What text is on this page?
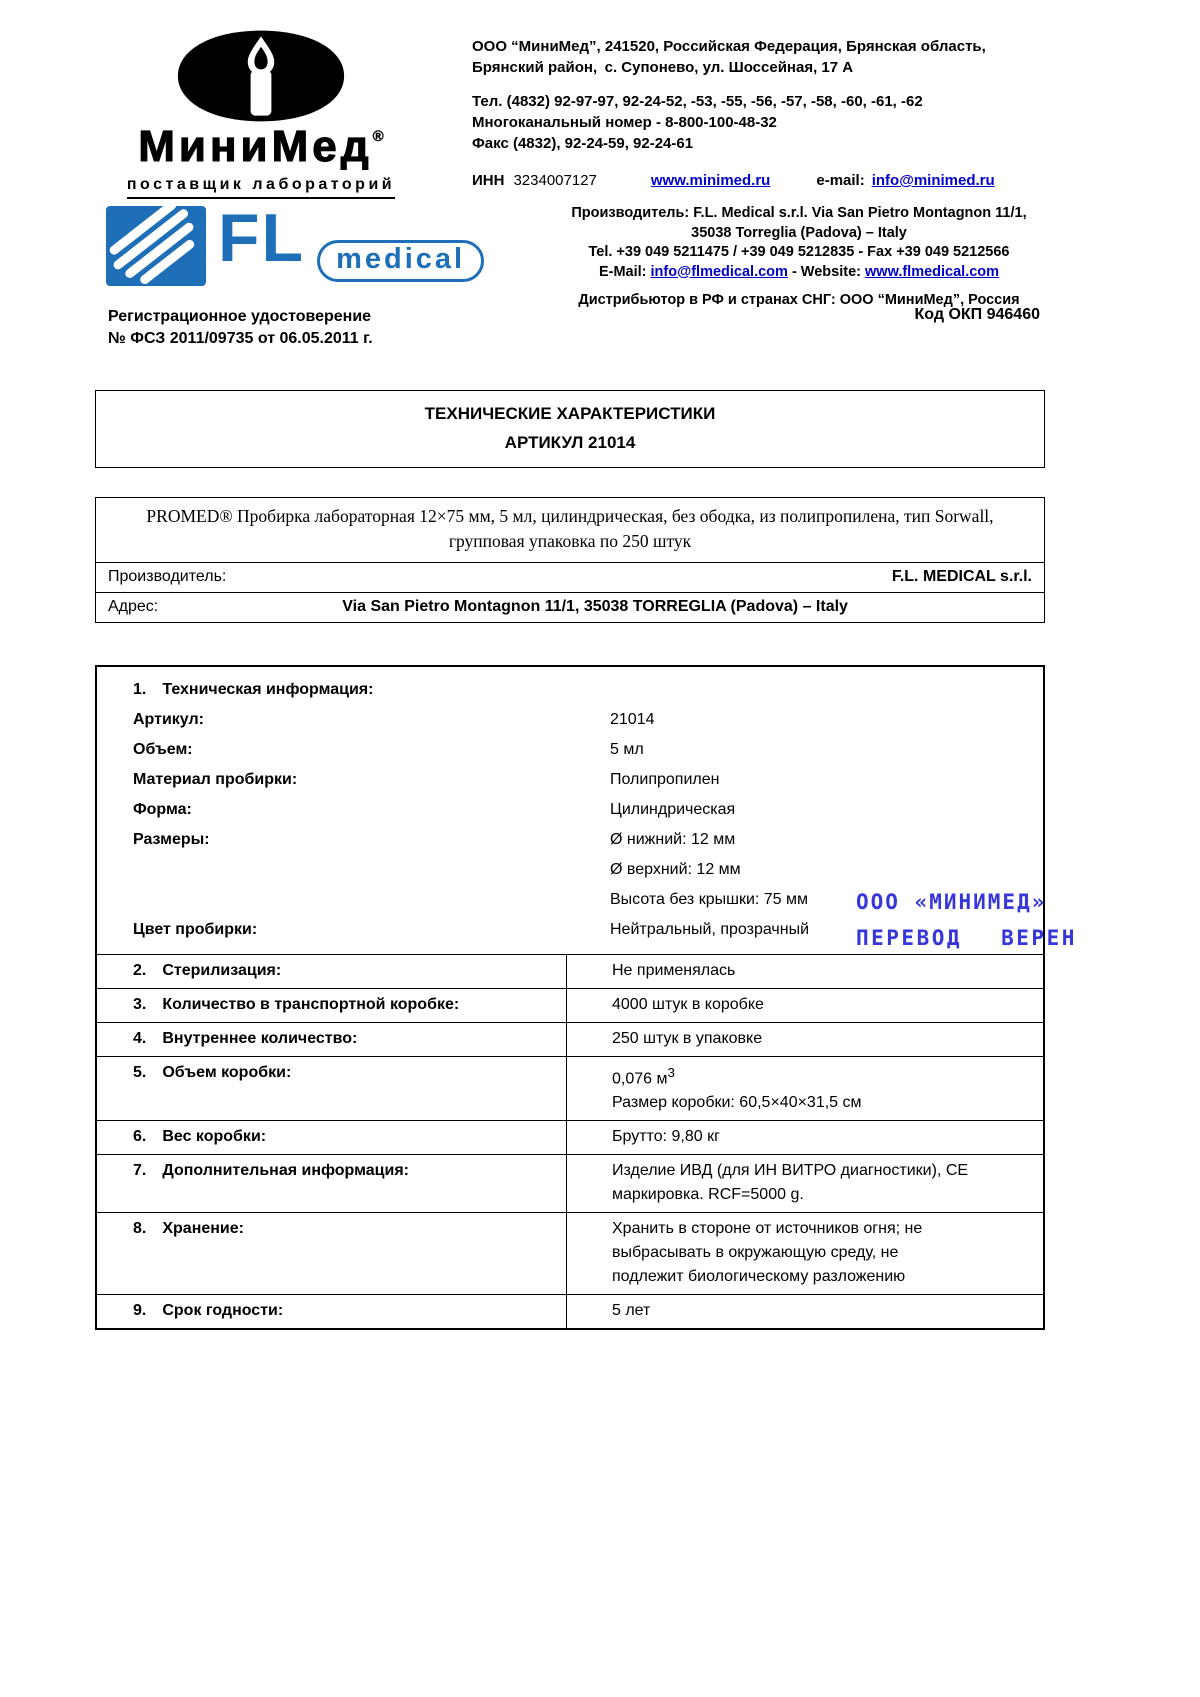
МиниМед®
поставщик лабораторий
ООО “МиниМед”, 241520, Российская Федерация, Брянская область,
Брянский район, с. Супонево, ул. Шоссейная, 17 А
Тел. (4832) 92-97-97, 92-24-52, -53, -55, -56, -57, -58, -60, -61, -62
Многоканальный номер - 8-800-100-48-32
Факс (4832), 92-24-59, 92-24-61
ИНН 3234007127	www.minimed.ru	e-mail: info@minimed.ru
FL	medical
Производитель: F.L. Medical s.r.l. Via San Pietro Montagnon 11/1,
35038 Torreglia (Padova) – Italy
Tel. +39 049 5211475 / +39 049 5212835 - Fax +39 049 5212566
E-Mail: info@flmedical.com - Website: www.flmedical.com
Дистрибьютор в РФ и странах СНГ: ООО “МиниМед”, Россия
Регистрационное удостоверение
№ ФСЗ 2011/09735 от 06.05.2011 г.
Код ОКП 946460
ТЕХНИЧЕСКИЕ ХАРАКТЕРИСТИКИ
АРТИКУЛ 21014
PROMED® Пробирка лабораторная 12×75 мм, 5 мл, цилиндрическая, без ободка, из полипропилена, тип Sorwall,
групповая упаковка по 250 штук
Производитель:	F.L. MEDICAL s.r.l.
Адрес:	Via San Pietro Montagnon 11/1, 35038 TORREGLIA (Padova) – Italy
1. Техническая информация:
Артикул:	21014
Объем:	5 мл
Материал пробирки:	Полипропилен
Форма:	Цилиндрическая
Размеры:	Ø нижний: 12 мм
Ø верхний: 12 мм
Высота без крышки: 75 мм
Цвет пробирки:	Нейтральный, прозрачный
2. Стерилизация:	Не применялась
3. Количество в транспортной коробке:	4000 штук в коробке
4. Внутреннее количество:	250 штук в упаковке
5. Объем коробки:	0,076 $м^3$
Размер коробки: 60,5×40×31,5 см
6. Вес коробки:	Брутто: 9,80 кг
7. Дополнительная информация:	Изделие ИВД (для ИН ВИТРО диагностики), СЕ маркировка. RCF=5000 g.
8. Хранение:	Хранить в стороне от источников огня; не выбрасывать в окружающую среду, не подлежит биологическому разложению
9. Срок годности:	5 лет
ООО «МИНИМЕД»
ПЕРЕВОД ВЕРЕН
